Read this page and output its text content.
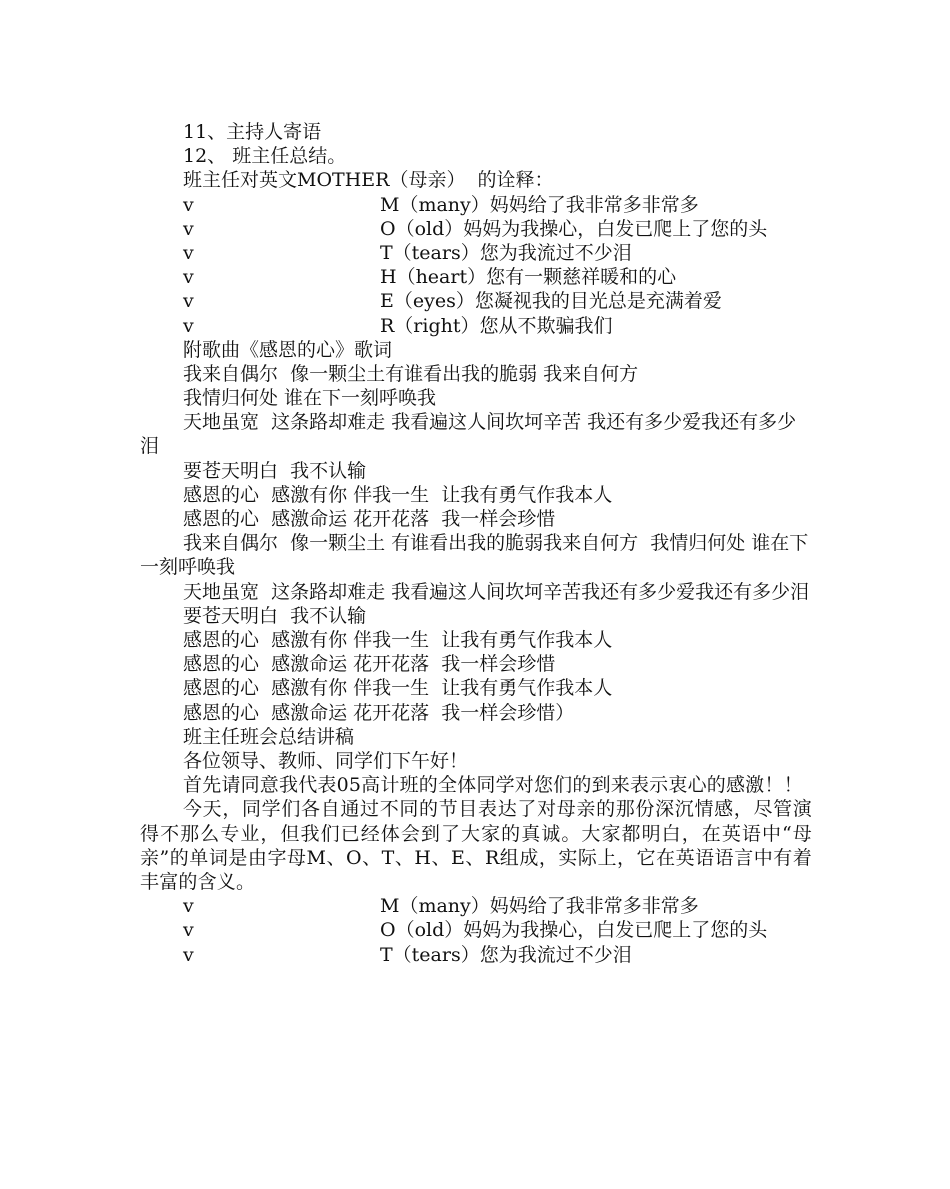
11、主持人寄语
12、 班主任总结。
班主任对英文MOTHER（母亲）  的诠释：
v	M（many）妈妈给了我非常多非常多
v	O（old）妈妈为我操心，白发已爬上了您的头
v	T（tears）您为我流过不少泪
v	H（heart）您有一颗慈祥暖和的心
v	E（eyes）您凝视我的目光总是充满着爱
v	R（right）您从不欺骗我们
附歌曲《感恩的心》歌词
我来自偶尔  像一颗尘土有谁看出我的脆弱 我来自何方
我情归何处 谁在下一刻呼唤我
天地虽宽  这条路却难走 我看遍这人间坎坷辛苦 我还有多少爱我还有多少泪
要苍天明白  我不认输
感恩的心  感激有你 伴我一生  让我有勇气作我本人
感恩的心  感激命运 花开花落  我一样会珍惜
我来自偶尔  像一颗尘土 有谁看出我的脆弱我来自何方  我情归何处 谁在下一刻呼唤我
天地虽宽  这条路却难走 我看遍这人间坎坷辛苦我还有多少爱我还有多少泪
要苍天明白  我不认输
感恩的心  感激有你 伴我一生  让我有勇气作我本人
感恩的心  感激命运 花开花落  我一样会珍惜
感恩的心  感激有你 伴我一生  让我有勇气作我本人
感恩的心  感激命运 花开花落  我一样会珍惜）
班主任班会总结讲稿
各位领导、教师、同学们下午好！
首先请同意我代表05高计班的全体同学对您们的到来表示衷心的感激！！
今天，同学们各自通过不同的节目表达了对母亲的那份深沉情感，尽管演得不那么专业，但我们已经体会到了大家的真诚。大家都明白，在英语中“母亲”的单词是由字母M、O、T、H、E、R组成，实际上，它在英语语言中有着丰富的含义。
v	M（many）妈妈给了我非常多非常多
v	O（old）妈妈为我操心，白发已爬上了您的头
v	T（tears）您为我流过不少泪
